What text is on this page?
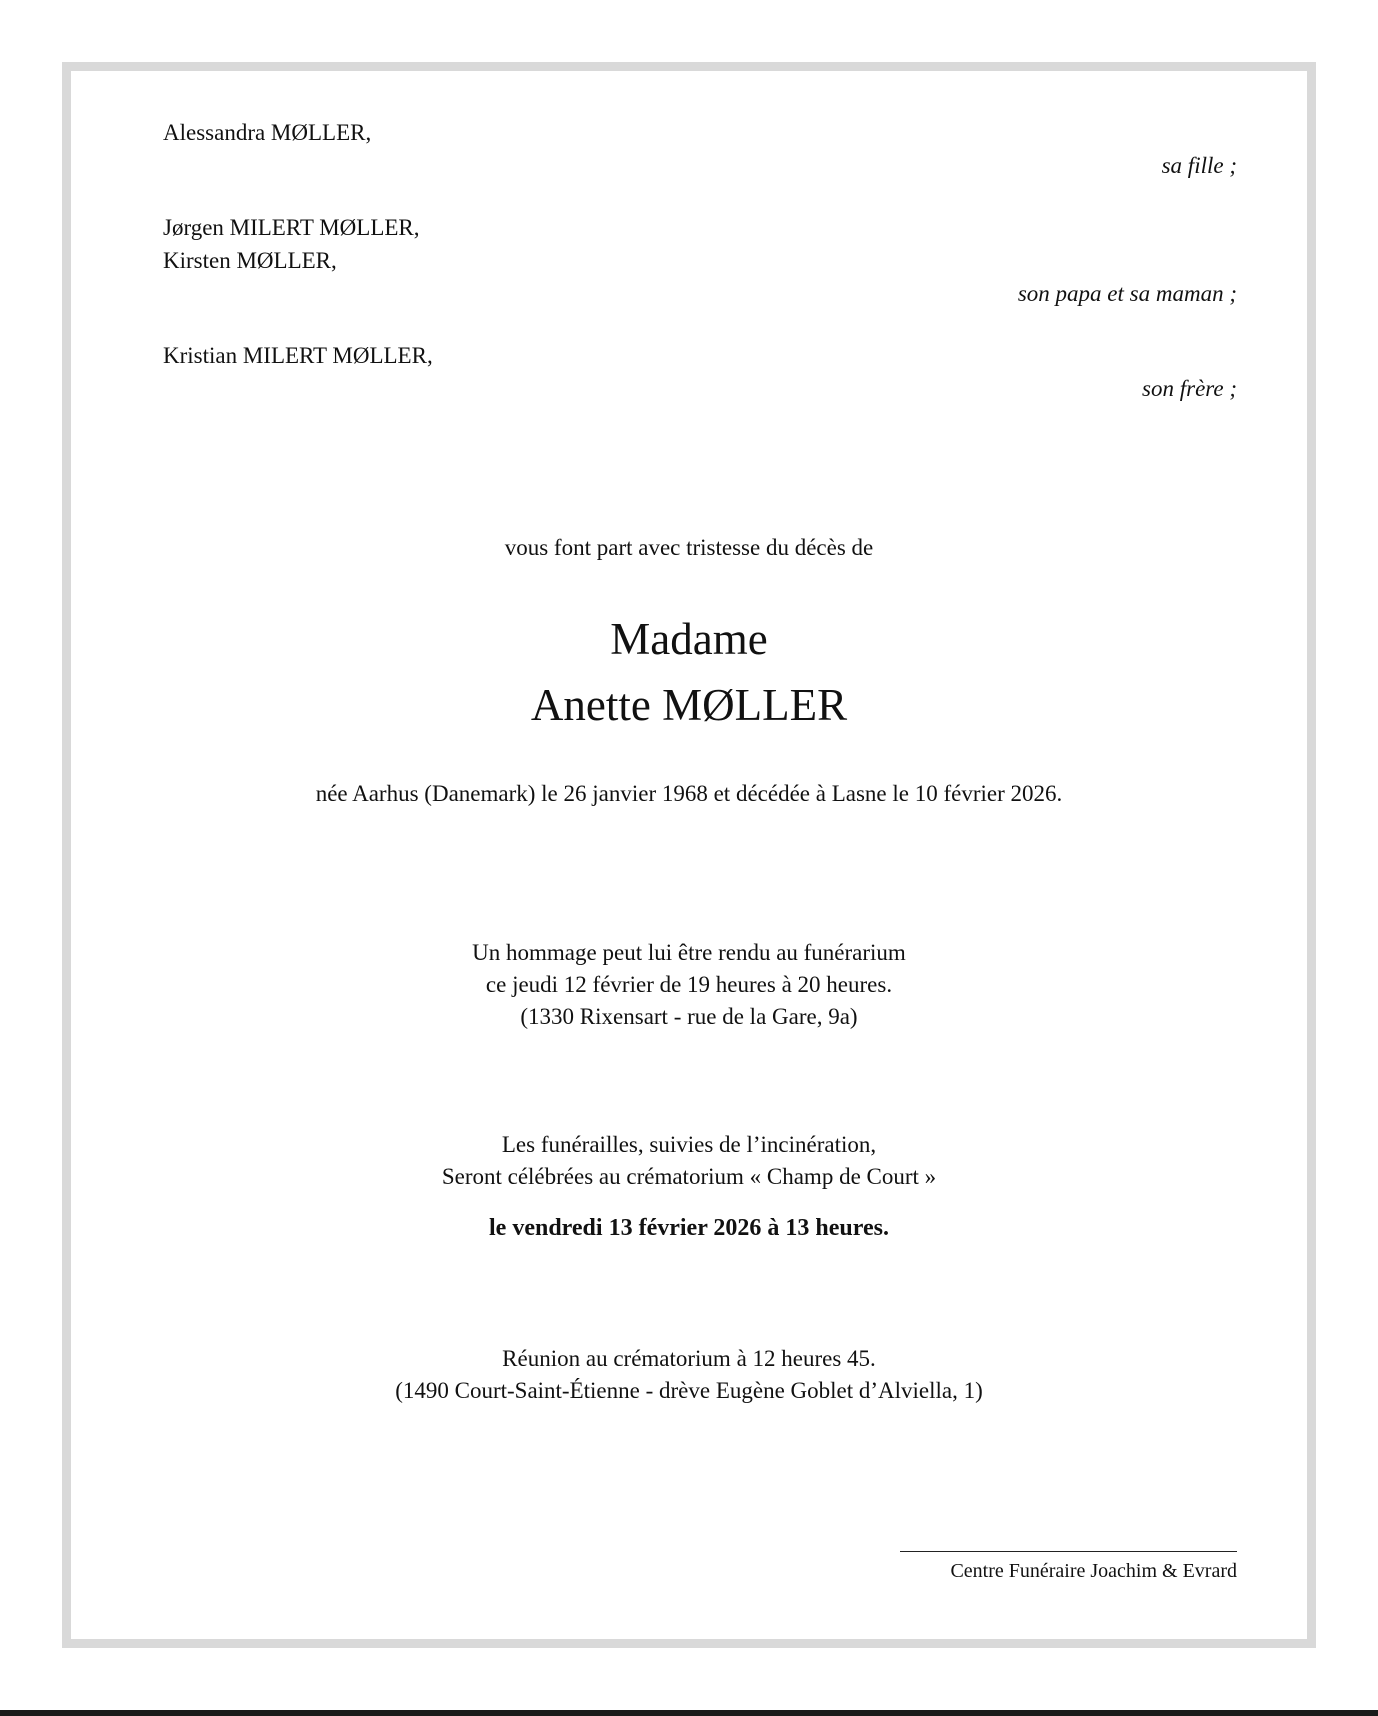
Alessandra MØLLER,
sa fille ;
Jørgen MILERT MØLLER,
Kirsten MØLLER,
son papa et sa maman ;
Kristian MILERT MØLLER,
son frère ;
vous font part avec tristesse du décès de
Madame
Anette MØLLER
née Aarhus (Danemark) le 26 janvier 1968 et décédée à Lasne le 10 février 2026.
Un hommage peut lui être rendu au funérarium
ce jeudi 12 février de 19 heures à 20 heures.
(1330 Rixensart - rue de la Gare, 9a)
Les funérailles, suivies de l’incinération,
Seront célébrées au crématorium « Champ de Court »
le vendredi 13 février 2026 à 13 heures.
Réunion au crématorium à 12 heures 45.
(1490 Court-Saint-Étienne - drève Eugène Goblet d’Alviella, 1)
Centre Funéraire Joachim & Evrard
